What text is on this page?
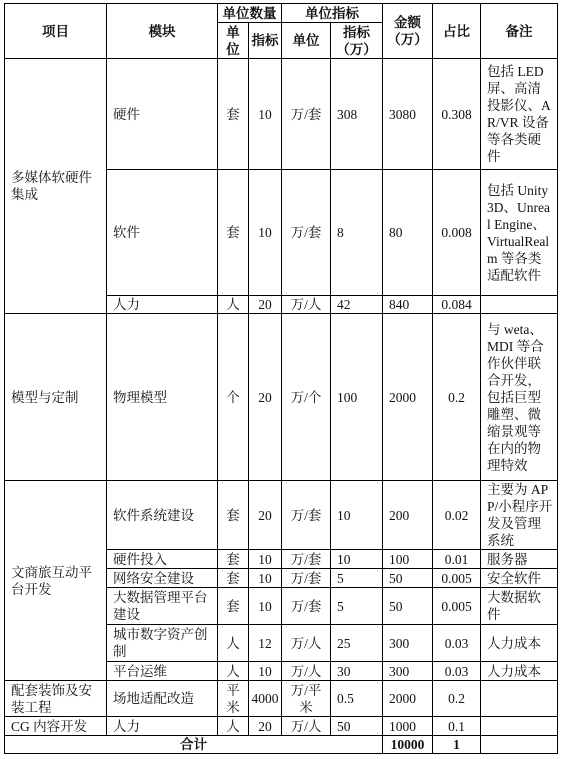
项目	模块	单位数量		单位指标		金额（万）	占比	备注
		单位	指标	单位	指标（万）			
多媒体软硬件集成	硬件	套	10	万/套	308	3080	0.308	包括 LED 屏、高清投影仪、AR/VR 设备等各类硬件
	软件	套	10	万/套	8	80	0.008	包括 Unity3D、Unreal Engine、VirtualRealm 等各类适配软件
	人力	人	20	万/人	42	840	0.084	
模型与定制	物理模型	个	20	万/个	100	2000	0.2	与 weta、MDI 等合作伙伴联合开发，包括巨型雕塑、微缩景观等在内的物理特效
文商旅互动平台开发	软件系统建设	套	20	万/套	10	200	0.02	主要为 APP/小程序开发及管理系统
	硬件投入	套	10	万/套	10	100	0.01	服务器
	网络安全建设	套	10	万/套	5	50	0.005	安全软件
	大数据管理平台建设	套	10	万/套	5	50	0.005	大数据软件
	城市数字资产创制	人	12	万/人	25	300	0.03	人力成本
	平台运维	人	10	万/人	30	300	0.03	人力成本
配套装饰及安装工程	场地适配改造	平米	4000	万/平米	0.5	2000	0.2	
CG 内容开发	人力	人	20	万/人	50	1000	0.1	
合计						10000	1	
